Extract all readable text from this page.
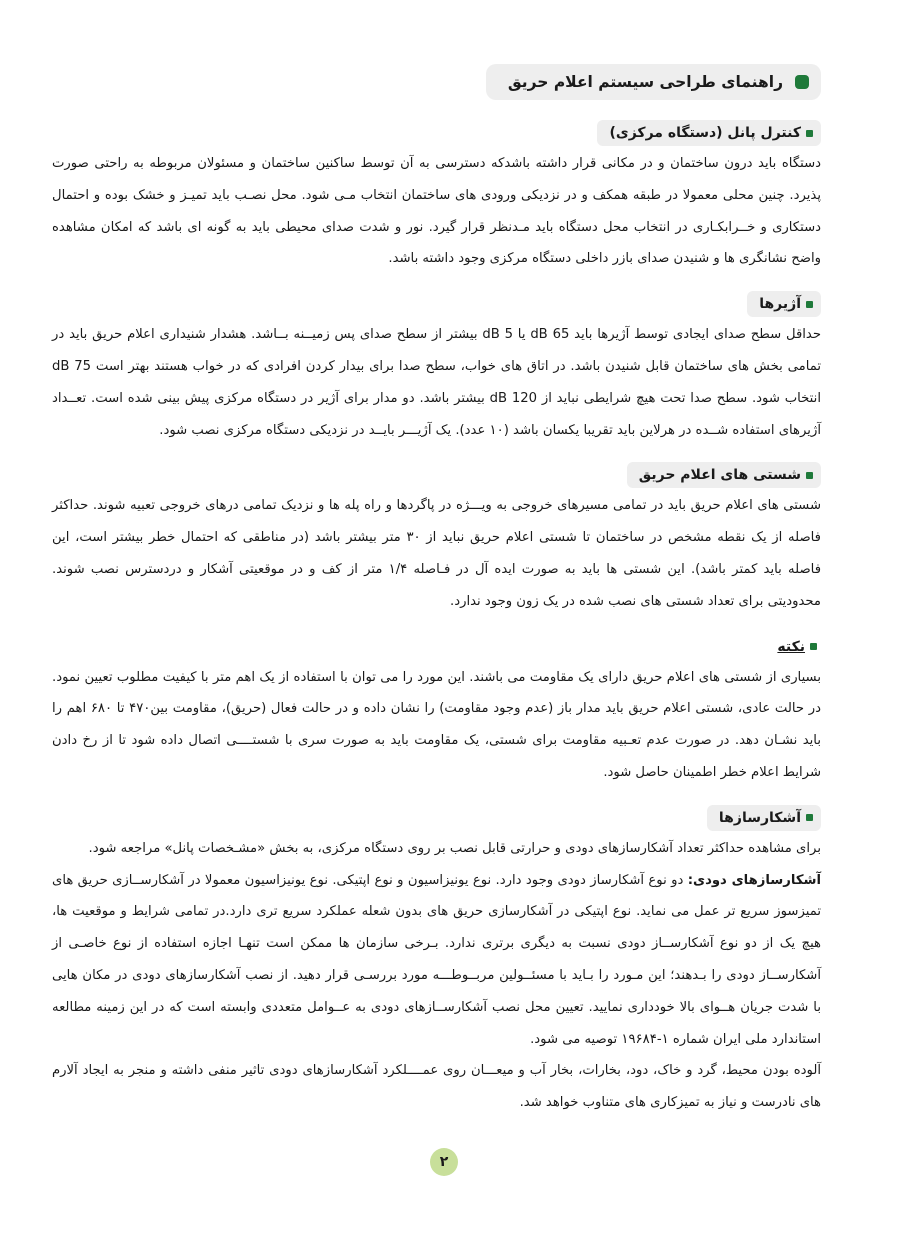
راهنمای طراحی سیستم اعلام حریق
کنترل پانل (دستگاه مرکزی)

دستگاه باید درون ساختمان و در مکانی قرار داشته باشدکه دسترسی به آن توسط ساکنین ساختمان و مسئولان مربوطه به راحتی صورت پذیرد. چنین محلی معمولا در طبقه همکف و در نزدیکی ورودی های ساختمان انتخاب مـی شود. محل نصـب باید تمیـز و خشک بوده و احتمال دستکاری و خــرابکـاری در انتخاب محل دستگاه باید مـدنظر قرار گیرد. نور و شدت صدای محیطی باید به گونه ای باشد که امکان مشاهده واضح نشانگری ها و شنیدن صدای بازر داخلی دستگاه مرکزی وجود داشته باشد.

آژیرها

حداقل سطح صدای ایجادی توسط آژیرها باید 65 dB یا 5 dB بیشتر از سطح صدای پس زمیــنه بــاشد. هشدار شنیداری اعلام حریق باید در تمامی بخش های ساختمان قابل شنیدن باشد. در اتاق های خواب، سطح صدا برای بیدار کردن افرادی که در خواب هستند بهتر است 75 dB انتخاب شود. سطح صدا تحت هیچ شرایطی نباید از 120 dB بیشتر باشد. دو مدار برای آژیر در دستگاه مرکزی پیش بینی شده است. تعــداد آژیرهای استفاده شــده در هرلاین باید تقریبا یکسان باشد (۱۰ عدد). یک آژیـــر بایــد در نزدیکی دستگاه مرکزی نصب شود.

شستی های اعلام حریق

شستی های اعلام حریق باید در تمامی مسیرهای خروجی به ویـــژه در پاگردها و راه پله ها و نزدیک تمامی درهای خروجی تعبیه شوند. حداکثر فاصله از یک نقطه مشخص در ساختمان تا شستی اعلام حریق نباید از ۳۰ متر بیشتر باشد (در مناطقی که احتمال خطر بیشتر است، این فاصله باید کمتر باشد). این شستی ها باید به صورت ایده آل در فـاصله ۱/۴ متر از کف و در موقعیتی آشکار و دردسترس نصب شوند. محدودیتی برای تعداد شستی های نصب شده در یک زون وجود ندارد.

نکته

بسیاری از شستی های اعلام حریق دارای یک مقاومت می باشند. این مورد را می توان با استفاده از یک اهم متر با کیفیت مطلوب تعیین نمود. در حالت عادی، شستی اعلام حریق باید مدار باز (عدم وجود مقاومت) را نشان داده و در حالت فعال (حریق)، مقاومت بین۴۷۰ تا ۶۸۰ اهم را باید نشـان دهد. در صورت عدم تعـبیه مقاومت برای شستی، یک مقاومت باید به صورت سری با شستــــی اتصال داده شود تا از رخ دادن شرایط اعلام خطر اطمینان حاصل شود.

آشکارسازها

برای مشاهده حداکثر تعداد آشکارسازهای دودی و حرارتی قابل نصب بر روی دستگاه مرکزی، به بخش «مشـخصات پانل» مراجعه شود.

آشکارسازهای دودی: دو نوع آشکارساز دودی وجود دارد. نوع یونیزاسیون و نوع اپتیکی. نوع یونیزاسیون معمولا در آشکارســازی حریق های تمیزسوز سریع تر عمل می نماید. نوع اپتیکی در آشکارسازی حریق های بدون شعله عملکرد سریع تری دارد.در تمامی شرایط و موقعیت ها، هیچ یک از دو نوع آشکارســاز دودی نسبت به دیگری برتری ندارد. بـرخی سازمان ها ممکن است تنهـا اجازه استفاده از نوع خاصـی از آشکارســاز دودی را بـدهند؛ این مـورد را بـاید با مسئــولین مربــوطـــه مورد بررسـی قرار دهید. از نصب آشکارسازهای دودی در مکان هایی با شدت جریان هــوای بالا خودداری نمایید. تعیین محل نصب آشکارســازهای دودی به عــوامل متعددی وابسته است که در این زمینه مطالعه استاندارد ملی ایران شماره ۱-۱۹۶۸۴ توصیه می شود.

آلوده بودن محیط، گرد و خاک، دود، بخارات، بخار آب و میعـــان روی عمــــلکرد آشکارسازهای دودی تاثیر منفی داشته و منجر به ایجاد آلارم های نادرست و نیاز به تمیزکاری های متناوب خواهد شد.

۲
